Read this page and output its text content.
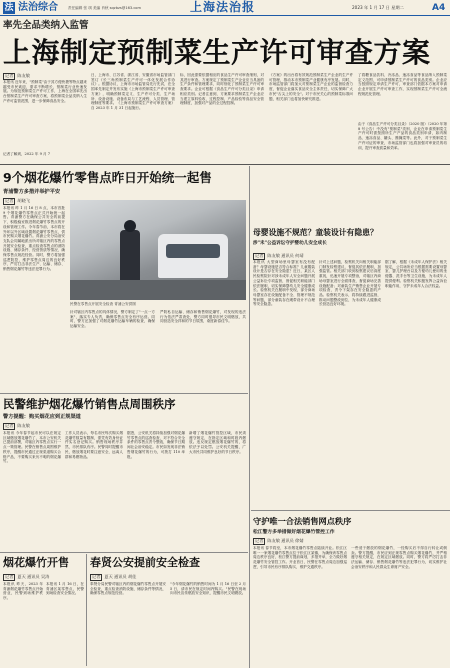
法 法治综合	责任编辑 张 琪 美编 肖秋 sqzbzs@163.com	上海法治报	2023 年 1 月 17 日 星期二	A4
率先全品类纳入监管
上海制定预制菜生产许可审查方案
记者 陈友敏
本报讯 近年来，"预制菜"由于其方便快捷等特点越来越受市民欢迎，需求不断增长，预制菜行业快速发展。为规范预制菜生产许可工作，上海在全国率先出台预制菜生产许可审查方案，将预制菜全品类纳入生产许可监管范围，进一步保障食品安全。
记者了解到，2022 年 9 月 7
日，上海市、江苏省、浙江省、安徽省市场监管部门签订《长三角预制菜生产许可一体化发展合作协议》。根据协议，上海市市场监管局先行先试，在全国率先制定并发布实施《上海市预制菜生产许可审查方案》，明确预制菜定义、生产许可分类、生产场所、设备设施、设备布局与工艺流程、人员管理、管理制度等要求。《上海市预制菜生产许可审查方案》自 2023 年 1 月 31 日起施行。
标，因此需要依据相应的食品生产许可审查细则，对其进行审查。方案规定了预制菜生产企业应当具备的生产条件和管理要求，同时细化了预制菜生产许可审查要求。企业可根据《食品生产许可分类目录》申请相应类别。记者注意到，方案要求预制菜生产企业应当建立原料验收、过程控制、产品检验等食品安全管理制度，加强对产品的全过程控制。
《方案》的出台将有效规范预制菜生产企业的生产许可管理，推动本市预制菜产业健康有序发展。同时，市场监管部门将加大对预制菜生产企业的监督检查力度，督促企业落实食品安全主体责任，切实保障广大市民"舌尖上的安全"。对于市民关心的预制菜标准问题，相关部门也将加快研究推进。
了将糖食品饮料、冷冻品、速冻食品等食品纳入预制菜定义范围，可申请预制菜生产许可的食品类别。企业应当按照规定申请生产许可，审查部门依据本方案对申请企业开展生产许可审查工作，实现预制菜生产许可全流程规范化管理。
由于《食品生产许可分类目录》（2020 版）（2020 年第 8 号公告）中没有"预制菜"类别，企业在申请预制菜生产许可时需按照所生产产品的食品类别申请，如肉制品、速冻食品、罐头、酱腌菜等。此外，对于预制菜生产许可证的审查，市场监管部门也将加强对审查员的培训，提升审查质量和效率。
9个烟花爆竹零售点昨日开始统一起售
青浦警方多措并举护平安
记者 胡晓飞
本报讯 昨 1 月 16 日 8 点，本市首批 9 个烟花爆竹零售点正式开始统一起售。青浦警方在确保公共安全的前提下，积极稳妥推进烟花爆竹零售点的开设和管理工作。今年春节前，本市将在外环以外区域设置烟花爆竹零售点，供市民购买烟花爆竹。青浦公安分局治安支队会同属地派出所对辖区内的零售点开展安全检查，重点检查零售点的消防设施、储存条件、经营资质等情况，确保零售点规范经营。同时，警方将加强巡逻防控，维护零售点周边的良好秩序，严厉打击非法生产、运输、储存、销售烟花爆竹等违法犯罪行为。
民警在零售点开展安全检查 青浦公安供图
针对辖区内零售点的具体情况，警方制定了"一点一方案"，落实专人负责，确保零售点安全有序运营。同时，警方还加强了对烟花爆竹运输车辆的检查，确保运输安全。
严防私自运输、储存和销售烟花爆竹，对发现的违法行为依法严肃查处，警方同时倡导市民文明燃放，共同营造安全祥和的节日氛围，欢度新春佳节。
民警维护烟花爆竹销售点周围秩序
警方提醒：购买烟花应到正规渠道
记者 陈友敏
本报讯 今年春节起市民可以在规定区域燃放烟花爆竹了，本市公安机关已提前部署，对辖区内零售点实行一点一策管理。民警在销售点周围维护秩序，提醒市民通过正规渠道购买合格产品，不要购买来历不明的烟花爆竹。
工作人员表示，每名市民每次购买烟花爆竹数量有限制，需凭有效身份证件实名登记购买。销售现场秩序井然，市民排队有序。民警同时提醒市民，燃放烟花时要注意安全，远离人群和易燃物品。
据悉，公安机关将持续加强对烟花爆竹零售点的巡查检查，对不符合安全条件的零售点责令整改，确保节日期间社会治安稳定。市民如发现非法销售烟花爆竹的行为，可拨打 110 举报。
新增了烟花爆竹管控区域，市民须遵守规定，在指定区域和时段内燃放。违反规定燃放烟花爆竹的，将依法予以处罚。公安机关提醒，广大市民共同维护良好的节日秩序。
烟花爆竹开售
记者 夏天 通讯员 吴涛
本报讯 昨天，2023 年青浦烟花爆竹零售点开始营业，民警到场维护秩序。
本报讯 1 月 16 日，在青浦区某零售点，民警到场检查安全情况。
春贤公安提前安全检查
记者 夏天 通讯员 胡佳
奉贤分局民警对辖区内的烟花爆竹零售点开展安全检查，重点检查消防设施、储存条件等情况，确保零售点规范经营。
"今年烟花爆竹的销售时间为 1 月 16 日至 2 月 5 日，请市民在规定时间内购买。"民警在现场向市民宣传燃放安全知识，提醒市民文明燃放。
母婴设施不规范？童装设计有隐患？
涉"未"公益诉讼守护婴幼儿安全成长
记者 陈友敏 通讯员 何靖
本报讯 大型商场里母婴室有没有配备？母婴设施是否符合标准？儿童服装设计是否存在安全隐患？近日，某区人民检察院针对涉未成年人安全问题开展公益诉讼专项监督，督促相关职能部门依法履职，切实保障婴幼儿安全健康成长。检察机关在履职中发现，部分商场母婴室存在设施配备不全、管理不规范等问题，部分童装存在绳带设计不合理等安全隐患。
针对上述问题，检察机关向相关职能部门制发检察建议，督促其依法履职，加强监管。相关部门收到检察建议后高度重视，迅速开展专项整治，对辖区内商场母婴室进行全面排查，督促商场完善设施配备；对童装生产销售企业开展专项检查，责令下架存在安全隐患的产品。检察机关表示，将持续跟进监督，推动问题整改到位，为未成年人健康成长营造良好环境。
据了解，根据《未成年人保护法》相关规定，公共场所应当根据需要设置母婴室、婴儿护理台以及方便幼儿使用的坐便器、洗手台等卫生设施，为未成年人提供便利。检察机关积极发挥公益诉讼职能作用，守护未成年人合法权益。
守护唯一合法销售网点秩序
松江警方多举措做好烟花爆竹管控工作
记者 陈友敏 通讯员 徐婧
本报讯 春节将至，本市烟花爆竹零售点陆续开业。松江区唯一一家烟花爆竹零售点位于松江区某镇，为确保该零售点周边秩序良好，松江警方提前谋划，多措并举，全力做好烟花爆竹安全管控工作。开业首日，民警在零售点周边加强巡逻，引导市民有序排队购买，维护交通秩序。
一些适于燃放的烟花爆竹，一经购买后不得自行转让或倒卖。警方提醒，市民应到正规零售点购买烟花爆竹，并严格遵守相关规定，在规定区域燃放。同时，警方将严厉打击非法运输、储存、销售烟花爆竹等违法犯罪行为，切实维护社会治安秩序和人民群众生命财产安全。
